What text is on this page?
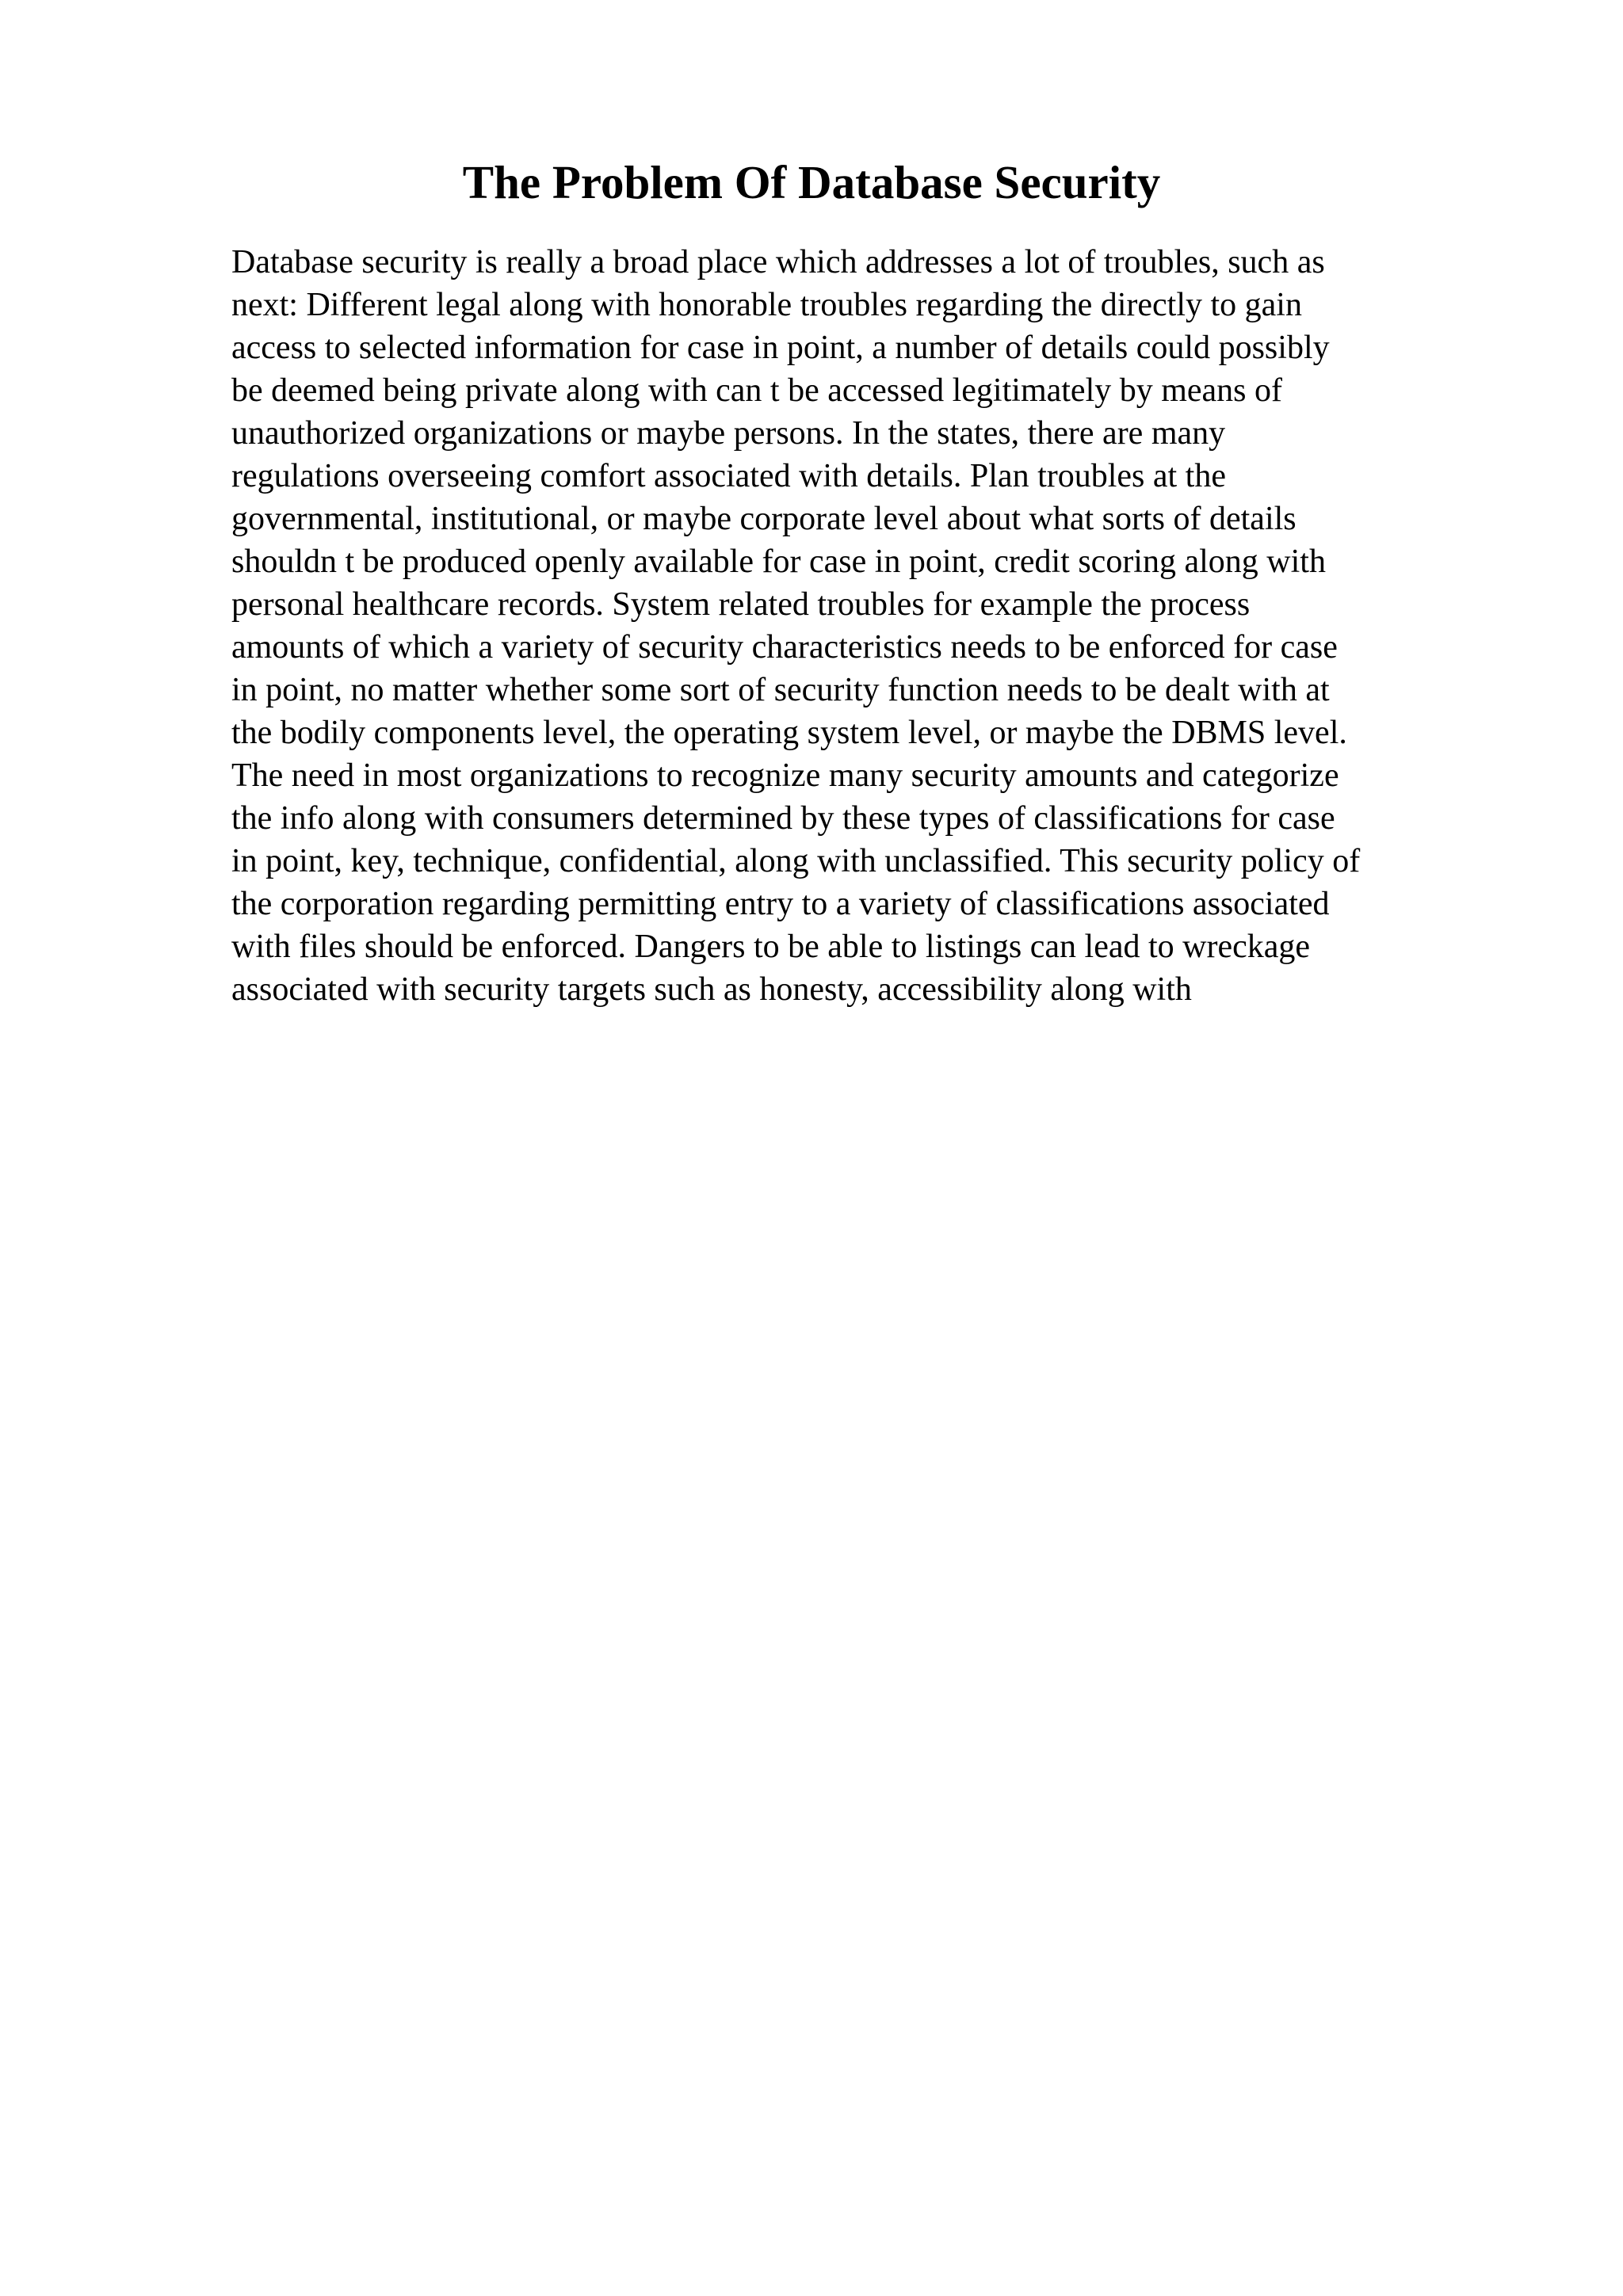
The Problem Of Database Security
Database security is really a broad place which addresses a lot of troubles, such as
next: Different legal along with honorable troubles regarding the directly to gain
access to selected information for case in point, a number of details could possibly
be deemed being private along with can t be accessed legitimately by means of
unauthorized organizations or maybe persons. In the states, there are many
regulations overseeing comfort associated with details. Plan troubles at the
governmental, institutional, or maybe corporate level about what sorts of details
shouldn t be produced openly available for case in point, credit scoring along with
personal healthcare records. System related troubles for example the process
amounts of which a variety of security characteristics needs to be enforced for case
in point, no matter whether some sort of security function needs to be dealt with at
the bodily components level, the operating system level, or maybe the DBMS level.
The need in most organizations to recognize many security amounts and categorize
the info along with consumers determined by these types of classifications for case
in point, key, technique, confidential, along with unclassified. This security policy of
the corporation regarding permitting entry to a variety of classifications associated
with files should be enforced. Dangers to be able to listings can lead to wreckage
associated with security targets such as honesty, accessibility along with
